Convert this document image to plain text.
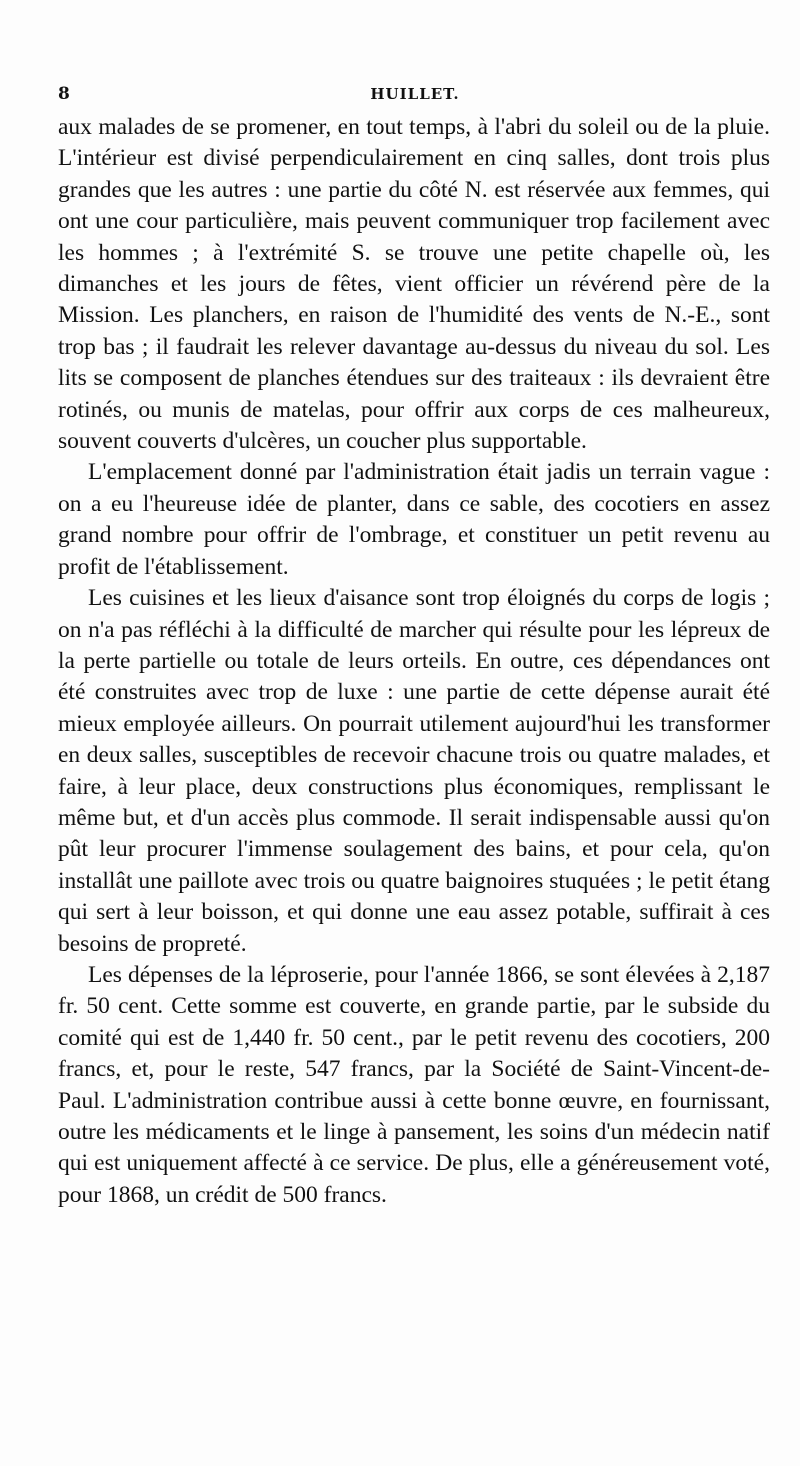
8	HUILLET.

aux malades de se promener, en tout temps, à l'abri du soleil ou de la pluie. L'intérieur est divisé perpendiculairement en cinq salles, dont trois plus grandes que les autres : une partie du côté N. est réservée aux femmes, qui ont une cour particulière, mais peuvent communiquer trop facilement avec les hommes ; à l'extrémité S. se trouve une petite chapelle où, les dimanches et les jours de fêtes, vient officier un révérend père de la Mission. Les planchers, en raison de l'humidité des vents de N.-E., sont trop bas ; il faudrait les relever davantage au-dessus du niveau du sol. Les lits se composent de planches étendues sur des traiteaux : ils devraient être rotinés, ou munis de matelas, pour offrir aux corps de ces malheureux, souvent couverts d'ulcères, un coucher plus supportable.

L'emplacement donné par l'administration était jadis un terrain vague : on a eu l'heureuse idée de planter, dans ce sable, des cocotiers en assez grand nombre pour offrir de l'ombrage, et constituer un petit revenu au profit de l'établissement.

Les cuisines et les lieux d'aisance sont trop éloignés du corps de logis ; on n'a pas réfléchi à la difficulté de marcher qui résulte pour les lépreux de la perte partielle ou totale de leurs orteils. En outre, ces dépendances ont été construites avec trop de luxe : une partie de cette dépense aurait été mieux employée ailleurs. On pourrait utilement aujourd'hui les transformer en deux salles, susceptibles de recevoir chacune trois ou quatre malades, et faire, à leur place, deux constructions plus économiques, remplissant le même but, et d'un accès plus commode. Il serait indispensable aussi qu'on pût leur procurer l'immense soulagement des bains, et pour cela, qu'on installât une paillote avec trois ou quatre baignoires stuquées ; le petit étang qui sert à leur boisson, et qui donne une eau assez potable, suffirait à ces besoins de propreté.

Les dépenses de la léproserie, pour l'année 1866, se sont élevées à 2,187 fr. 50 cent. Cette somme est couverte, en grande partie, par le subside du comité qui est de 1,440 fr. 50 cent., par le petit revenu des cocotiers, 200 francs, et, pour le reste, 547 francs, par la Société de Saint-Vincent-de-Paul. L'administration contribue aussi à cette bonne œuvre, en fournissant, outre les médicaments et le linge à pansement, les soins d'un médecin natif qui est uniquement affecté à ce service. De plus, elle a généreusement voté, pour 1868, un crédit de 500 francs.
